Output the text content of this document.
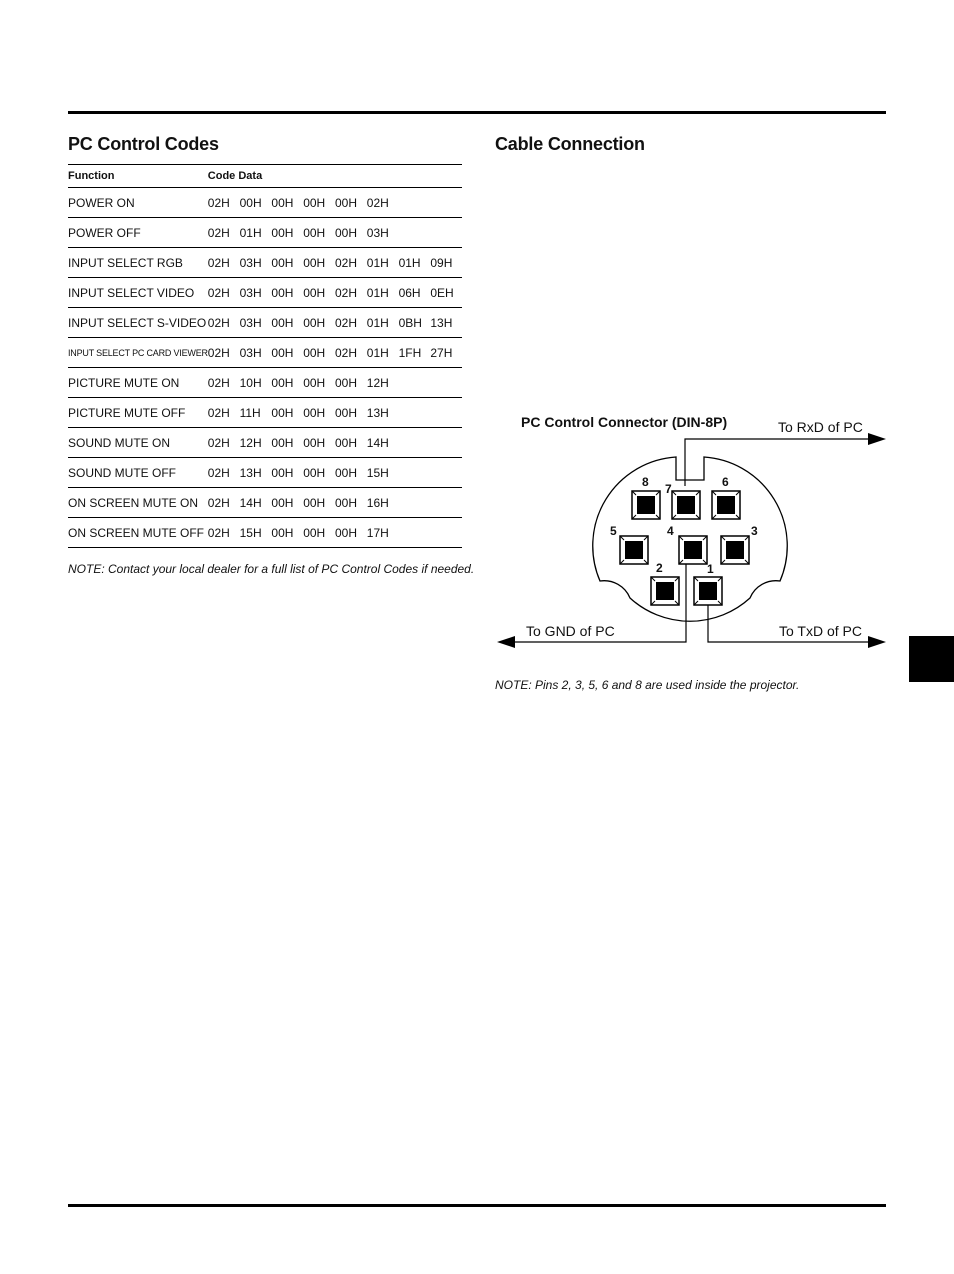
PC Control Codes
Function	Code Data
POWER ON	02H 00H 00H 00H 00H 02H
POWER OFF	02H 01H 00H 00H 00H 03H
INPUT SELECT RGB	02H 03H 00H 00H 02H 01H 01H 09H
INPUT SELECT VIDEO	02H 03H 00H 00H 02H 01H 06H 0EH
INPUT SELECT S-VIDEO	02H 03H 00H 00H 02H 01H 0BH 13H
INPUT SELECT PC CARD VIEWER	02H 03H 00H 00H 02H 01H 1FH 27H
PICTURE MUTE ON	02H 10H 00H 00H 00H 12H
PICTURE MUTE OFF	02H 11H 00H 00H 00H 13H
SOUND MUTE ON	02H 12H 00H 00H 00H 14H
SOUND MUTE OFF	02H 13H 00H 00H 00H 15H
ON SCREEN MUTE ON	02H 14H 00H 00H 00H 16H
ON SCREEN MUTE OFF	02H 15H 00H 00H 00H 17H

NOTE: Contact your local dealer for a full list of PC Control Codes if needed.

Cable Connection
PC Control Connector (DIN-8P)	To RxD of PC
To GND of PC	To TxD of PC
8 7	6
5	4	3
2	1

NOTE: Pins 2, 3, 5, 6 and 8 are used inside the projector.
